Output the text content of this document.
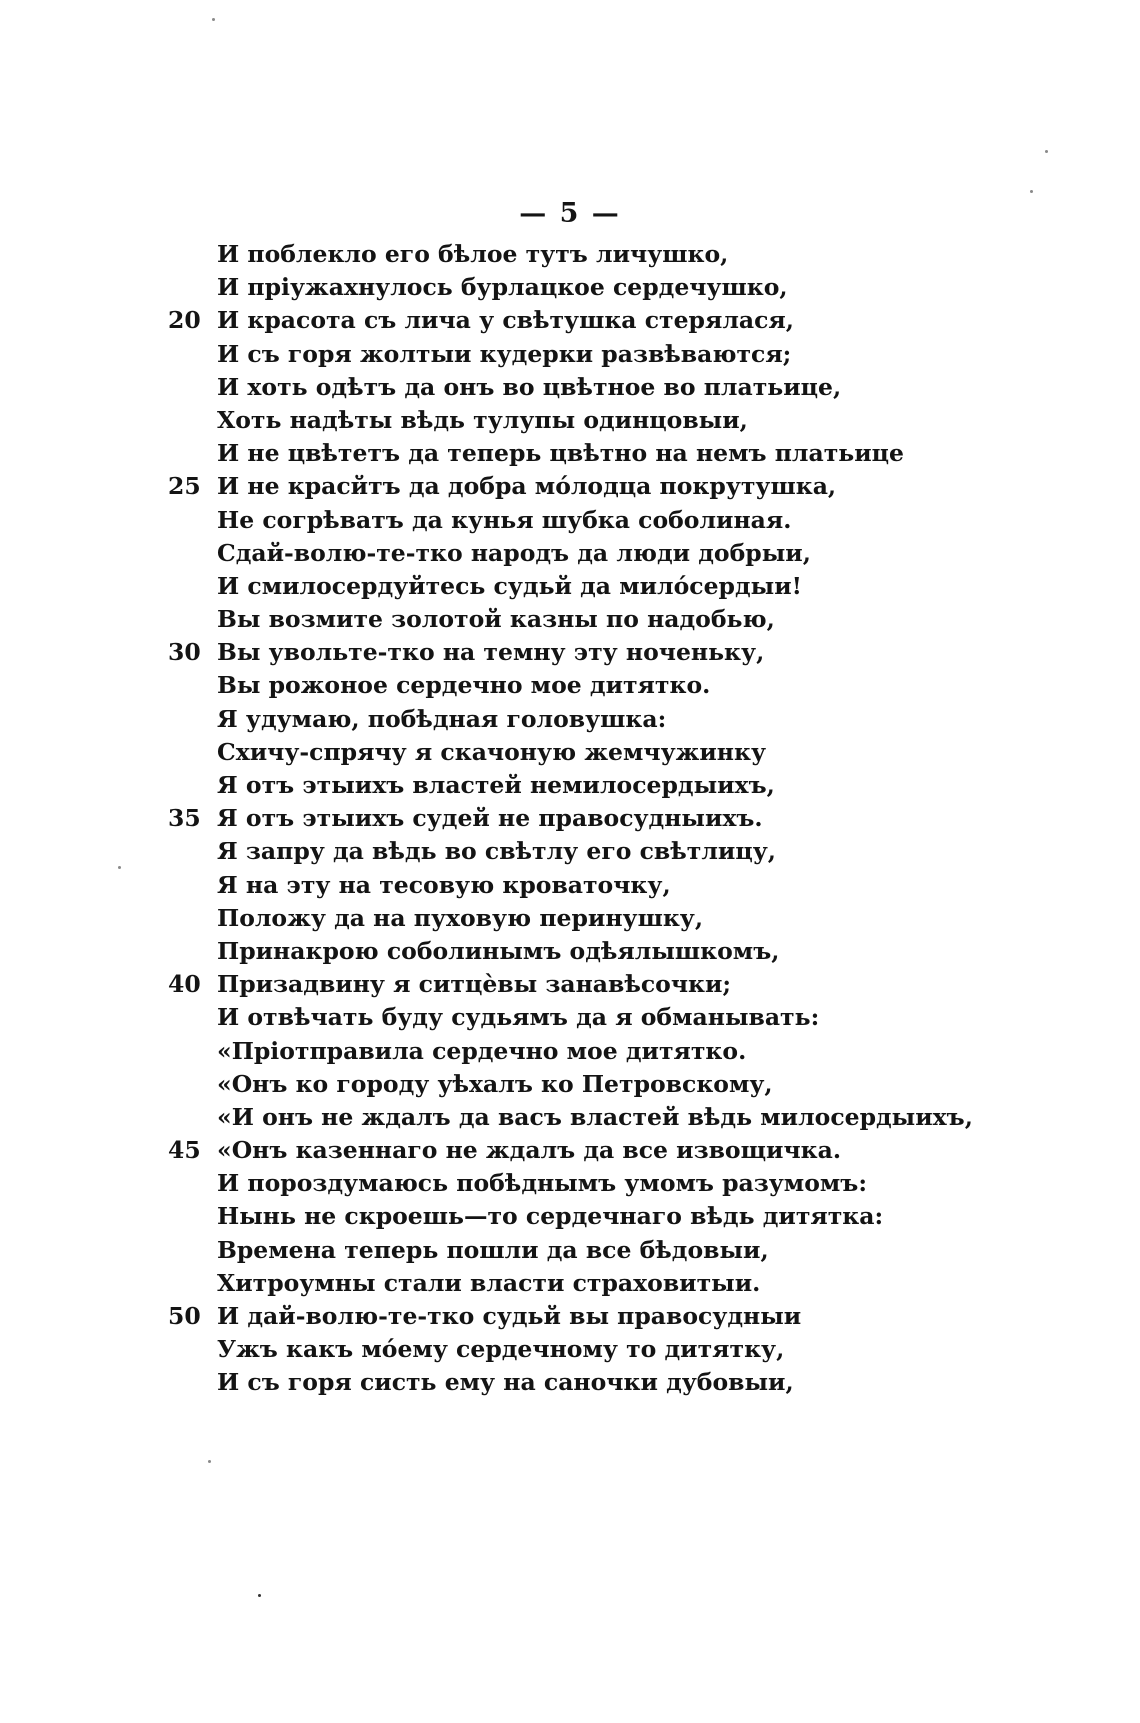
— 5 —
И поблекло его бѣлое тутъ личушко,
И пріужахнулось бурлацкое сердечушко,
20 И красота съ лича у свѣтушка стерялася,
И съ горя жолтыи кудерки развѣваются;
И хоть одѣтъ да онъ во цвѣтное во платьице,
Хоть надѣты вѣдь тулупы одинцовыи,
И не цвѣтетъ да теперь цвѣтно на немъ платьице
25 И не красйтъ да добра мóлодца покрутушка,
Не согрѣватъ да кунья шубка соболиная.
Сдай-волю-те-тко народъ да люди добрыи,
И смилосердуйтесь судьй да милóсердыи!
Вы возмите золотой казны по надобью,
30 Вы увольте-тко на темну эту ноченьку,
Вы рожоное сердечно мое дитятко.
Я удумаю, побѣдная головушка:
Схичу-спрячу я скачоную жемчужинку
Я отъ этыихъ властей немилосердыихъ,
35 Я отъ этыихъ судей не правосудныихъ.
Я запру да вѣдь во свѣтлу его свѣтлицу,
Я на эту на тесовую кроваточку,
Положу да на пуховую перинушку,
Принакрою соболинымъ одѣялышкомъ,
40 Призадвину я ситцѐвы занавѣсочки;
И отвѣчать буду судьямъ да я обманывать:
«Пріотправила сердечно мое дитятко.
«Онъ ко городу уѣхалъ ко Петровскому,
«И онъ не ждалъ да васъ властей вѣдь милосердыихъ,
45 «Онъ казеннаго не ждалъ да все извощичка.
И пороздумаюсь побѣднымъ умомъ разумомъ:
Нынь не скроешь—то сердечнаго вѣдь дитятка:
Времена теперь пошли да все бѣдовыи,
Хитроумны стали власти страховитыи.
50 И дай-волю-те-тко судьй вы правосудныи
Ужъ какъ мóему сердечному то дитятку,
И съ горя систь ему на саночки дубовыи,
